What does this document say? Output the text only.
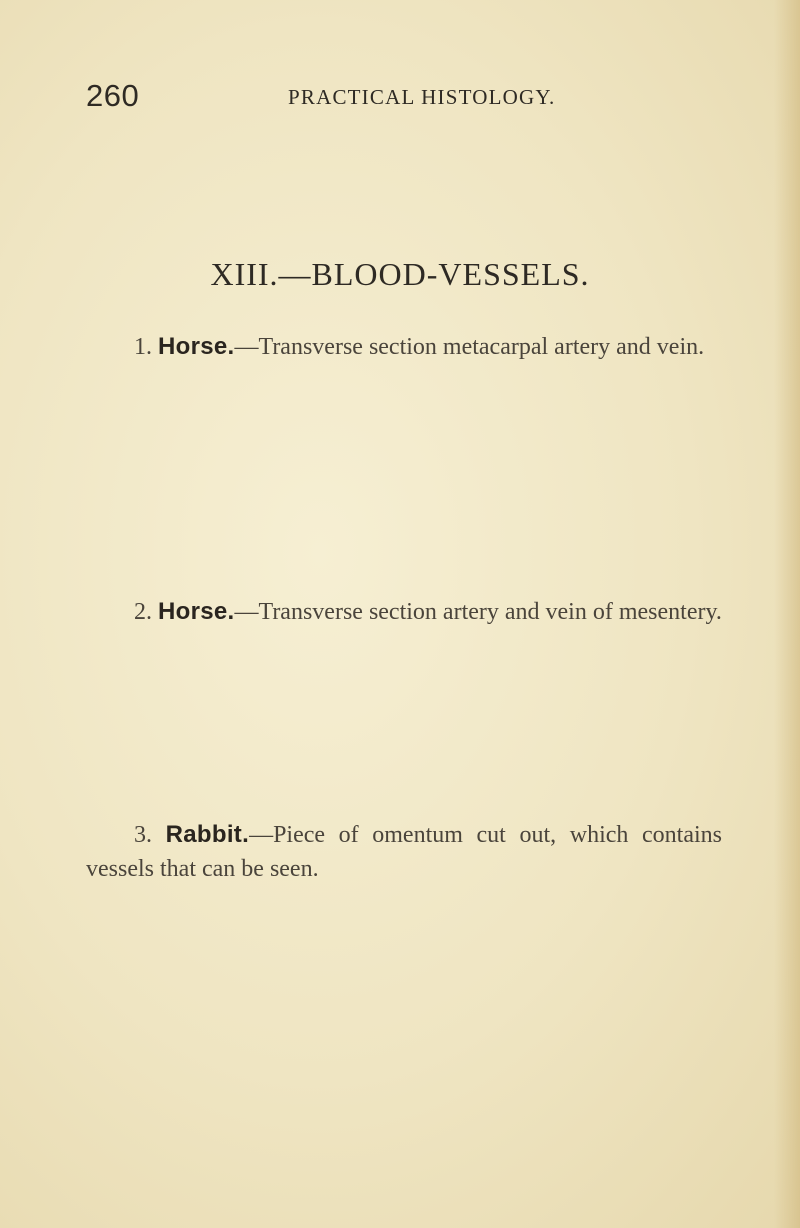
260	PRACTICAL HISTOLOGY.
XIII.—BLOOD-VESSELS.
1. Horse.—Transverse section metacarpal artery and vein.
2. Horse.—Transverse section artery and vein of mesentery.
3. Rabbit.—Piece of omentum cut out, which contains vessels that can be seen.
